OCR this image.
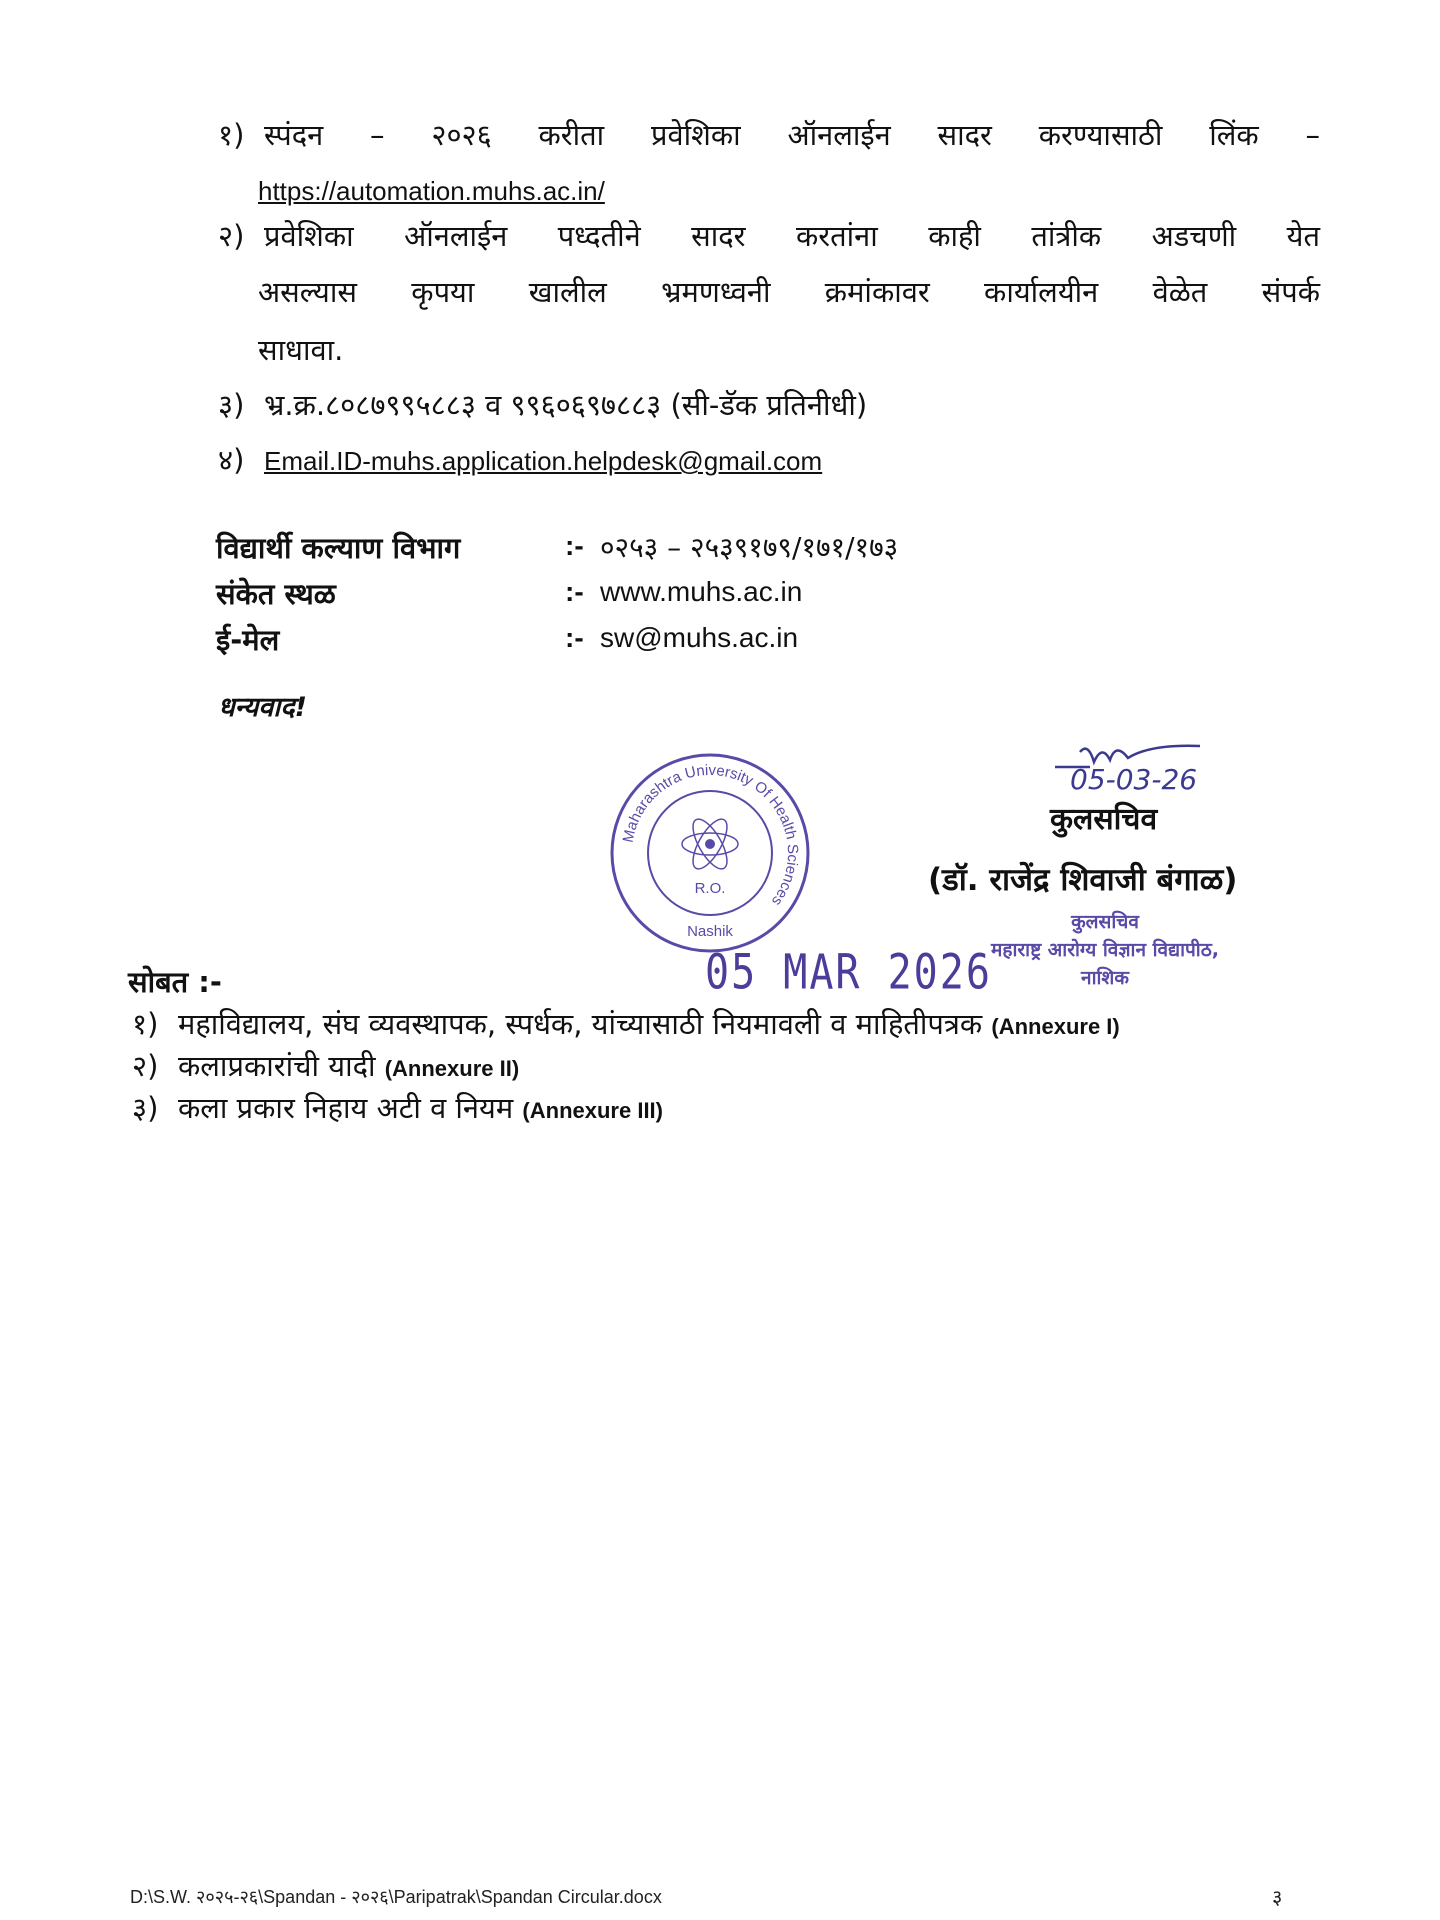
१) स्पंदन – २०२६ करीता प्रवेशिका ऑनलाईन सादर करण्यासाठी लिंक –
https://automation.muhs.ac.in/
२) प्रवेशिका ऑनलाईन पध्दतीने सादर करतांना काही तांत्रीक अडचणी येत
असल्यास कृपया खालील भ्रमणध्वनी क्रमांकावर कार्यालयीन वेळेत संपर्क
साधावा.
३) भ्र.क्र.८०८७९९५८८३ व ९९६०६९७८८३ (सी-डॅक प्रतिनीधी)
४) Email.ID-muhs.application.helpdesk@gmail.com
विद्यार्थी कल्याण विभाग	:- ०२५३ – २५३९१७९/१७१/१७३
संकेत स्थळ	:- www.muhs.ac.in
ई-मेल	:- sw@muhs.ac.in
धन्यवाद!
Maharashtra University Of Health Sciences
R.O.
Nashik
05 MAR 2026
05-03-26
कुलसचिव
(डॉ. राजेंद्र शिवाजी बंगाळ)
कुलसचिव
महाराष्ट्र आरोग्य विज्ञान विद्यापीठ,
नाशिक
सोबत :-
१) महाविद्यालय, संघ व्यवस्थापक, स्पर्धक, यांच्यासाठी नियमावली व माहितीपत्रक (Annexure I)
२) कलाप्रकारांची यादी (Annexure II)
३) कला प्रकार निहाय अटी व नियम (Annexure III)
D:\S.W. २०२५-२६\Spandan - २०२६\Paripatrak\Spandan Circular.docx	३
